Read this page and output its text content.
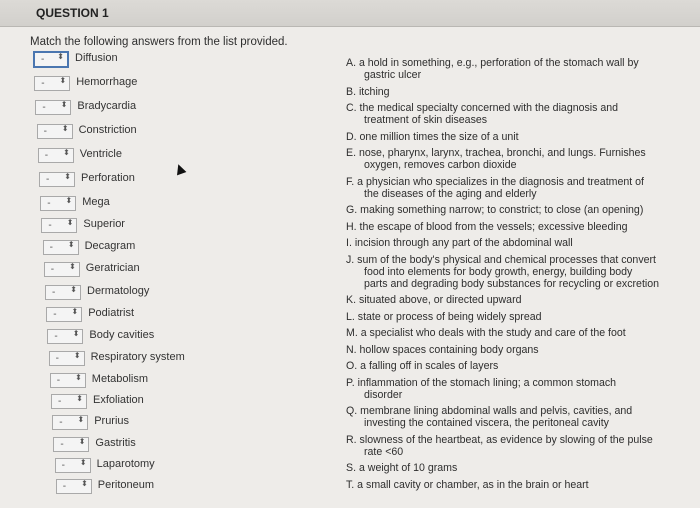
QUESTION 1
Match the following answers from the list provided.
- ⬍ Diffusion
- ⬍ Hemorrhage
- ⬍ Bradycardia
- ⬍ Constriction
- ⬍ Ventricle
- ⬍ Perforation
- ⬍ Mega
- ⬍ Superior
- ⬍ Decagram
- ⬍ Geratrician
- ⬍ Dermatology
- ⬍ Podiatrist
- ⬍ Body cavities
- ⬍ Respiratory system
- ⬍ Metabolism
- ⬍ Exfoliation
- ⬍ Prurius
- ⬍ Gastritis
- ⬍ Laparotomy
- ⬍ Peritoneum
A. a hold in something, e.g., perforation of the stomach wall by
gastric ulcer
B. itching
C. the medical specialty concerned with the diagnosis and
treatment of skin diseases
D. one million times the size of a unit
E. nose, pharynx, larynx, trachea, bronchi, and lungs. Furnishes
oxygen, removes carbon dioxide
F. a physician who specializes in the diagnosis and treatment of
the diseases of the aging and elderly
G. making something narrow; to constrict; to close (an opening)
H. the escape of blood from the vessels; excessive bleeding
I. incision through any part of the abdominal wall
J. sum of the body's physical and chemical processes that convert
food into elements for body growth, energy, building body
parts and degrading body substances for recycling or excretion
K. situated above, or directed upward
L. state or process of being widely spread
M. a specialist who deals with the study and care of the foot
N. hollow spaces containing body organs
O. a falling off in scales of layers
P. inflammation of the stomach lining; a common stomach
disorder
Q. membrane lining abdominal walls and pelvis, cavities, and
investing the contained viscera, the peritoneal cavity
R. slowness of the heartbeat, as evidence by slowing of the pulse
rate <60
S. a weight of 10 grams
T. a small cavity or chamber, as in the brain or heart
